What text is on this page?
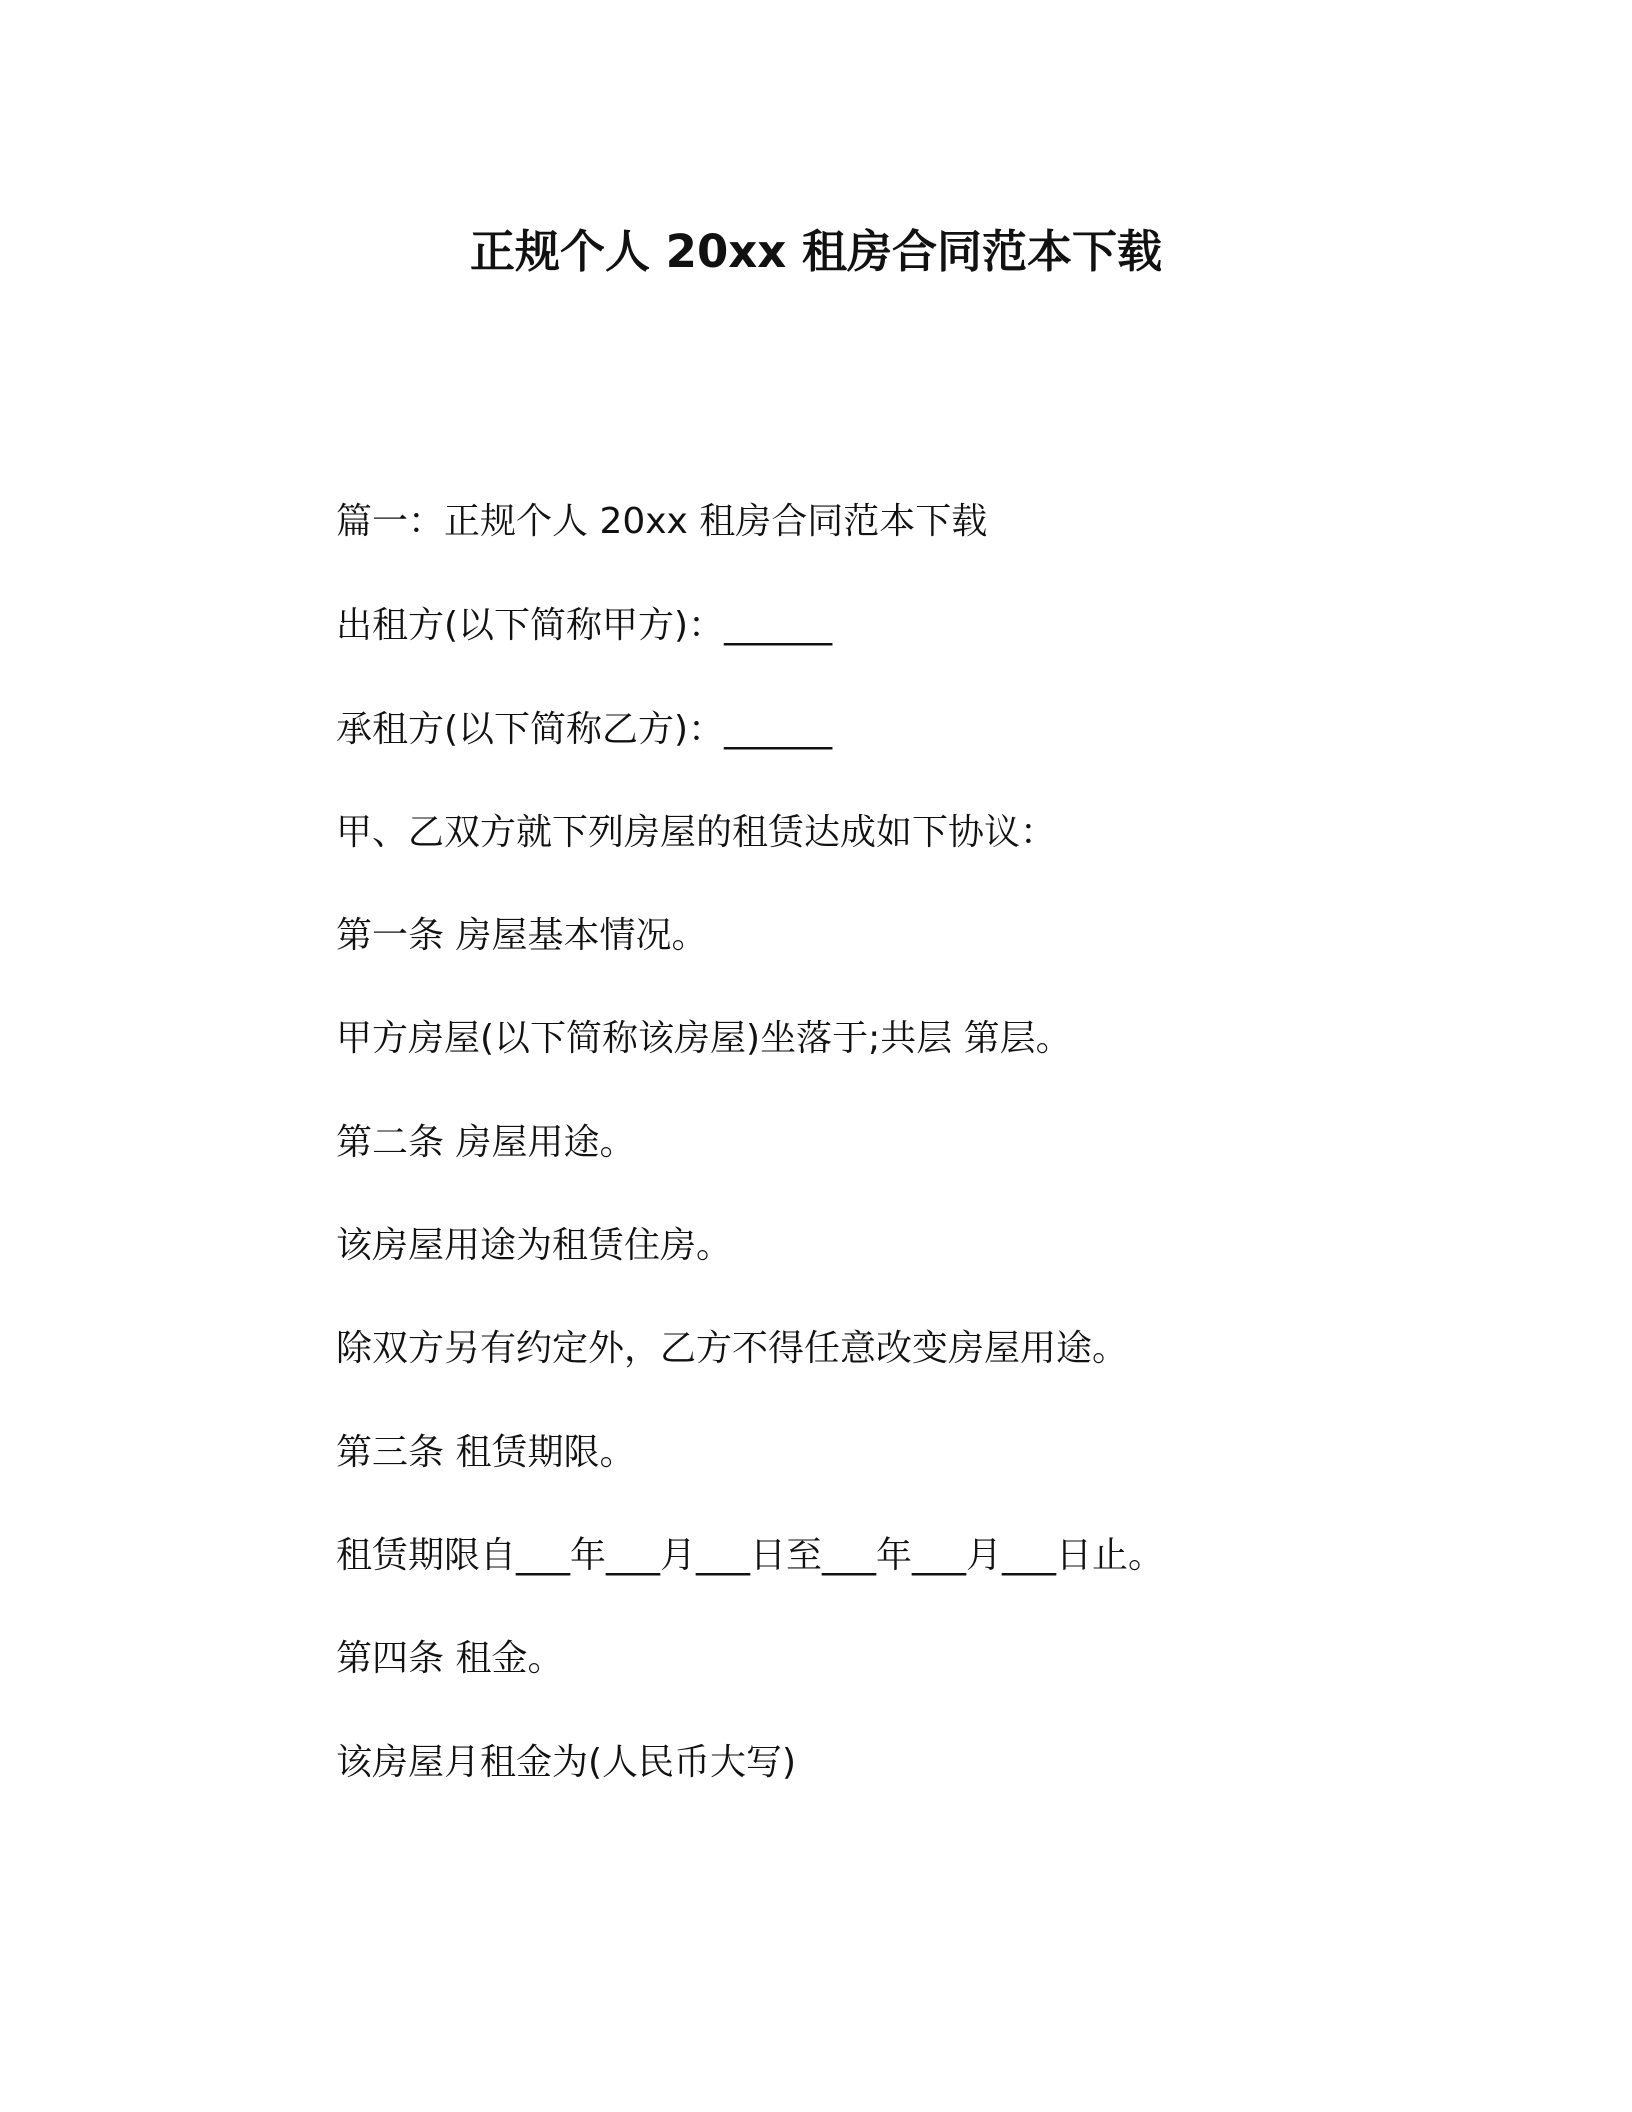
正规个人 20xx 租房合同范本下载
篇一：正规个人 20xx 租房合同范本下载
出租方(以下简称甲方)：______
承租方(以下简称乙方)：______
甲、乙双方就下列房屋的租赁达成如下协议：
第一条 房屋基本情况。
甲方房屋(以下简称该房屋)坐落于;共层 第层。
第二条 房屋用途。
该房屋用途为租赁住房。
除双方另有约定外，乙方不得任意改变房屋用途。
第三条 租赁期限。
租赁期限自___年___月___日至___年___月___日止。
第四条 租金。
该房屋月租金为(人民币大写)
